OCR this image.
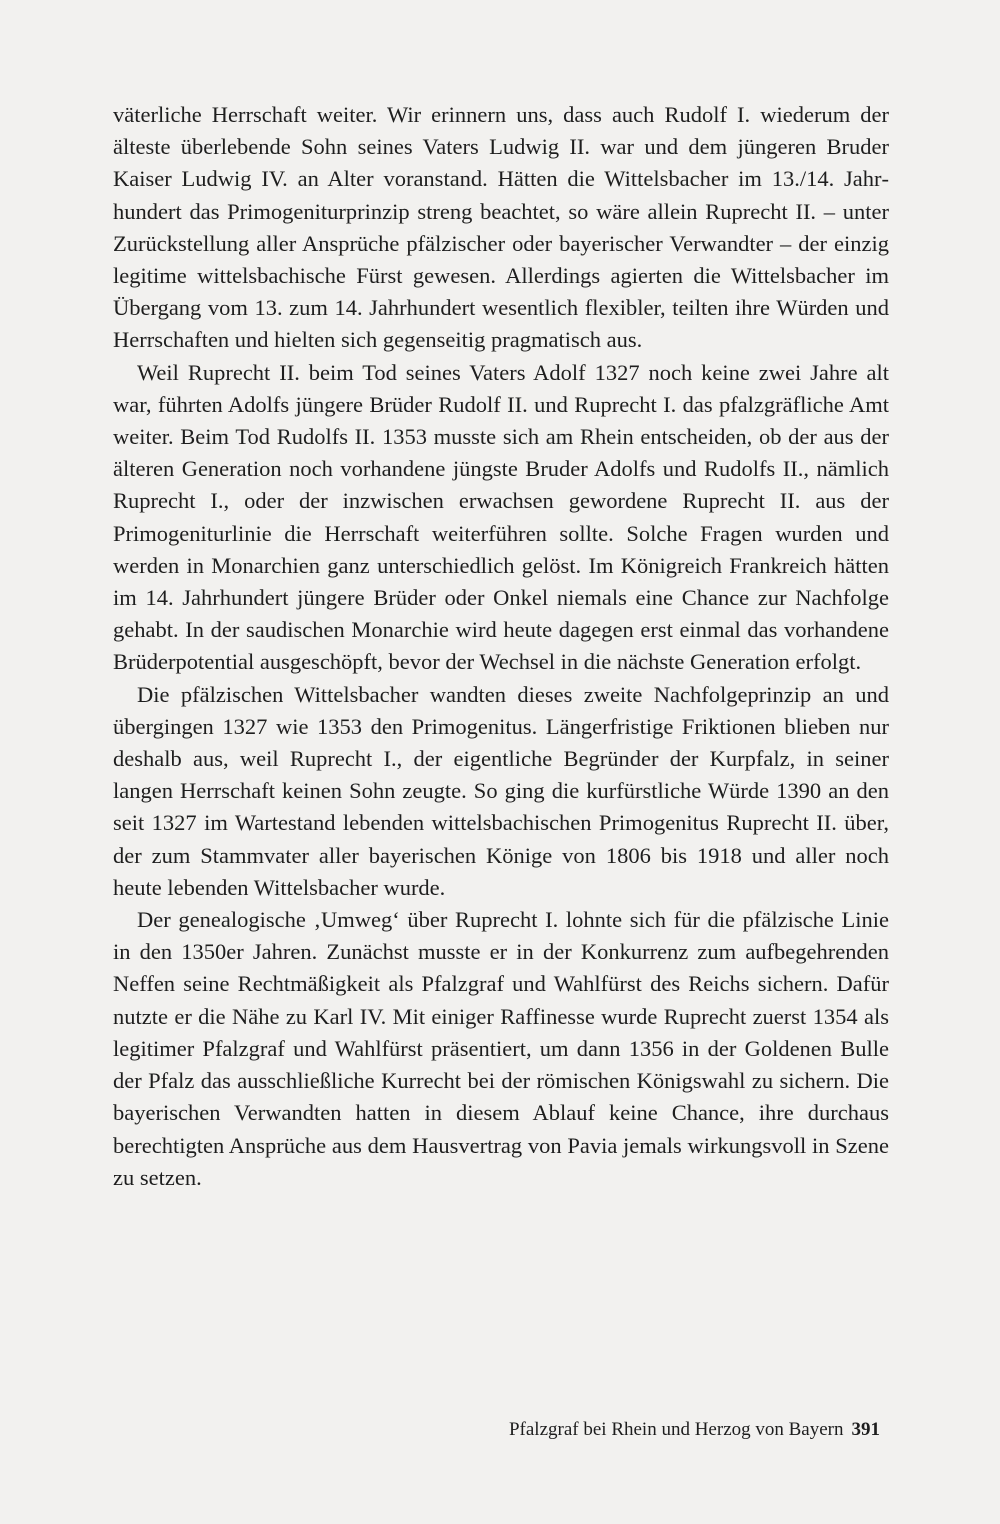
väterliche Herrschaft weiter. Wir erinnern uns, dass auch Rudolf I. wiederum der älteste überlebende Sohn seines Vaters Ludwig II. war und dem jüngeren Bruder Kaiser Ludwig IV. an Alter voranstand. Hätten die Wittelsbacher im 13./14. Jahrhundert das Primogeniturprinzip streng beachtet, so wäre allein Ruprecht II. – unter Zurückstellung aller Ansprüche pfälzischer oder bayerischer Verwandter – der einzig legitime wittelsbachische Fürst gewesen. Allerdings agierten die Wittelsbacher im Übergang vom 13. zum 14. Jahrhundert wesentlich flexibler, teilten ihre Würden und Herrschaften und hielten sich gegenseitig pragmatisch aus.

Weil Ruprecht II. beim Tod seines Vaters Adolf 1327 noch keine zwei Jahre alt war, führten Adolfs jüngere Brüder Rudolf II. und Ruprecht I. das pfalzgräfliche Amt weiter. Beim Tod Rudolfs II. 1353 musste sich am Rhein entscheiden, ob der aus der älteren Generation noch vorhandene jüngste Bruder Adolfs und Rudolfs II., nämlich Ruprecht I., oder der inzwischen erwachsen gewordene Ruprecht II. aus der Primogeniturlinie die Herrschaft weiterführen sollte. Solche Fragen wurden und werden in Monarchien ganz unterschiedlich gelöst. Im Königreich Frankreich hätten im 14. Jahrhundert jüngere Brüder oder Onkel niemals eine Chance zur Nachfolge gehabt. In der saudischen Monarchie wird heute dagegen erst einmal das vorhandene Brüderpotential ausgeschöpft, bevor der Wechsel in die nächste Generation erfolgt.

Die pfälzischen Wittelsbacher wandten dieses zweite Nachfolgeprinzip an und übergingen 1327 wie 1353 den Primogenitus. Längerfristige Friktionen blieben nur deshalb aus, weil Ruprecht I., der eigentliche Begründer der Kurpfalz, in seiner langen Herrschaft keinen Sohn zeugte. So ging die kurfürstliche Würde 1390 an den seit 1327 im Wartestand lebenden wittelsbachischen Primogenitus Ruprecht II. über, der zum Stammvater aller bayerischen Könige von 1806 bis 1918 und aller noch heute lebenden Wittelsbacher wurde.

Der genealogische ‚Umweg‘ über Ruprecht I. lohnte sich für die pfälzische Linie in den 1350er Jahren. Zunächst musste er in der Konkurrenz zum aufbegehrenden Neffen seine Rechtmäßigkeit als Pfalzgraf und Wahlfürst des Reichs sichern. Dafür nutzte er die Nähe zu Karl IV. Mit einiger Raffinesse wurde Ruprecht zuerst 1354 als legitimer Pfalzgraf und Wahlfürst präsentiert, um dann 1356 in der Goldenen Bulle der Pfalz das ausschließliche Kurrecht bei der römischen Königswahl zu sichern. Die bayerischen Verwandten hatten in diesem Ablauf keine Chance, ihre durchaus berechtigten Ansprüche aus dem Hausvertrag von Pavia jemals wirkungsvoll in Szene zu setzen.

Pfalzgraf bei Rhein und Herzog von Bayern 391
